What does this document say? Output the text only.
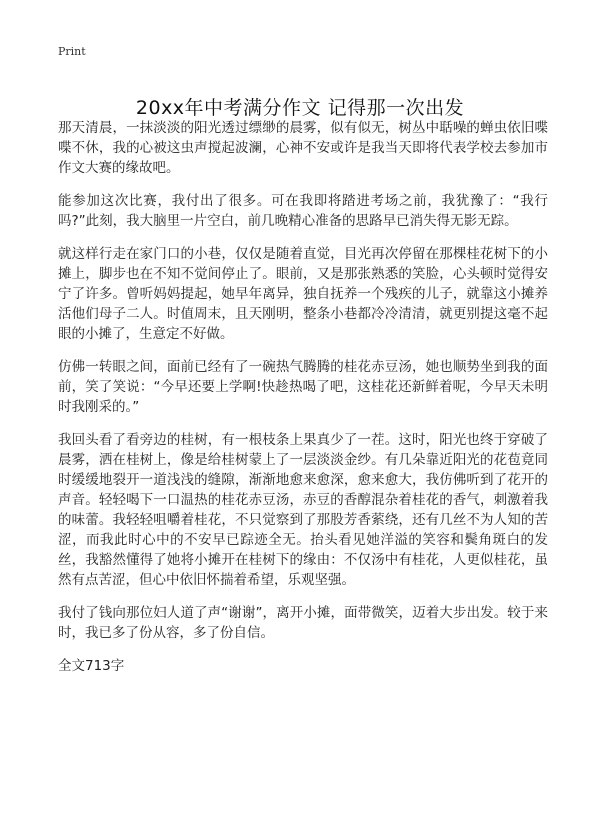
Print
20xx年中考满分作文 记得那一次出发

那天清晨，一抹淡淡的阳光透过缥缈的晨雾，似有似无，树丛中聒噪的蝉虫依旧喋喋不休，我的心被这虫声搅起波澜，心神不安或许是我当天即将代表学校去参加市作文大赛的缘故吧。

能参加这次比赛，我付出了很多。可在我即将踏进考场之前，我犹豫了：“我行吗?”此刻，我大脑里一片空白，前几晚精心准备的思路早已消失得无影无踪。

就这样行走在家门口的小巷，仅仅是随着直觉，目光再次停留在那棵桂花树下的小摊上，脚步也在不知不觉间停止了。眼前，又是那张熟悉的笑脸，心头顿时觉得安宁了许多。曾听妈妈提起，她早年离异，独自抚养一个残疾的儿子，就靠这小摊养活他们母子二人。时值周末，且天刚明，整条小巷都冷冷清清，就更别提这毫不起眼的小摊了，生意定不好做。

仿佛一转眼之间，面前已经有了一碗热气腾腾的桂花赤豆汤，她也顺势坐到我的面前，笑了笑说：“今早还要上学啊!快趁热喝了吧，这桂花还新鲜着呢，今早天未明时我刚采的。”

我回头看了看旁边的桂树，有一根枝条上果真少了一茬。这时，阳光也终于穿破了晨雾，洒在桂树上，像是给桂树蒙上了一层淡淡金纱。有几朵靠近阳光的花苞竟同时缓缓地裂开一道浅浅的缝隙，渐渐地愈来愈深，愈来愈大，我仿佛听到了花开的声音。轻轻喝下一口温热的桂花赤豆汤，赤豆的香醇混杂着桂花的香气，刺激着我的味蕾。我轻轻咀嚼着桂花，不只觉察到了那股芳香萦绕，还有几丝不为人知的苦涩，而我此时心中的不安早已踪迹全无。抬头看见她洋溢的笑容和鬓角斑白的发丝，我豁然懂得了她将小摊开在桂树下的缘由：不仅汤中有桂花，人更似桂花，虽然有点苦涩，但心中依旧怀揣着希望，乐观坚强。

我付了钱向那位妇人道了声“谢谢”，离开小摊，面带微笑，迈着大步出发。较于来时，我已多了份从容，多了份自信。

全文713字
